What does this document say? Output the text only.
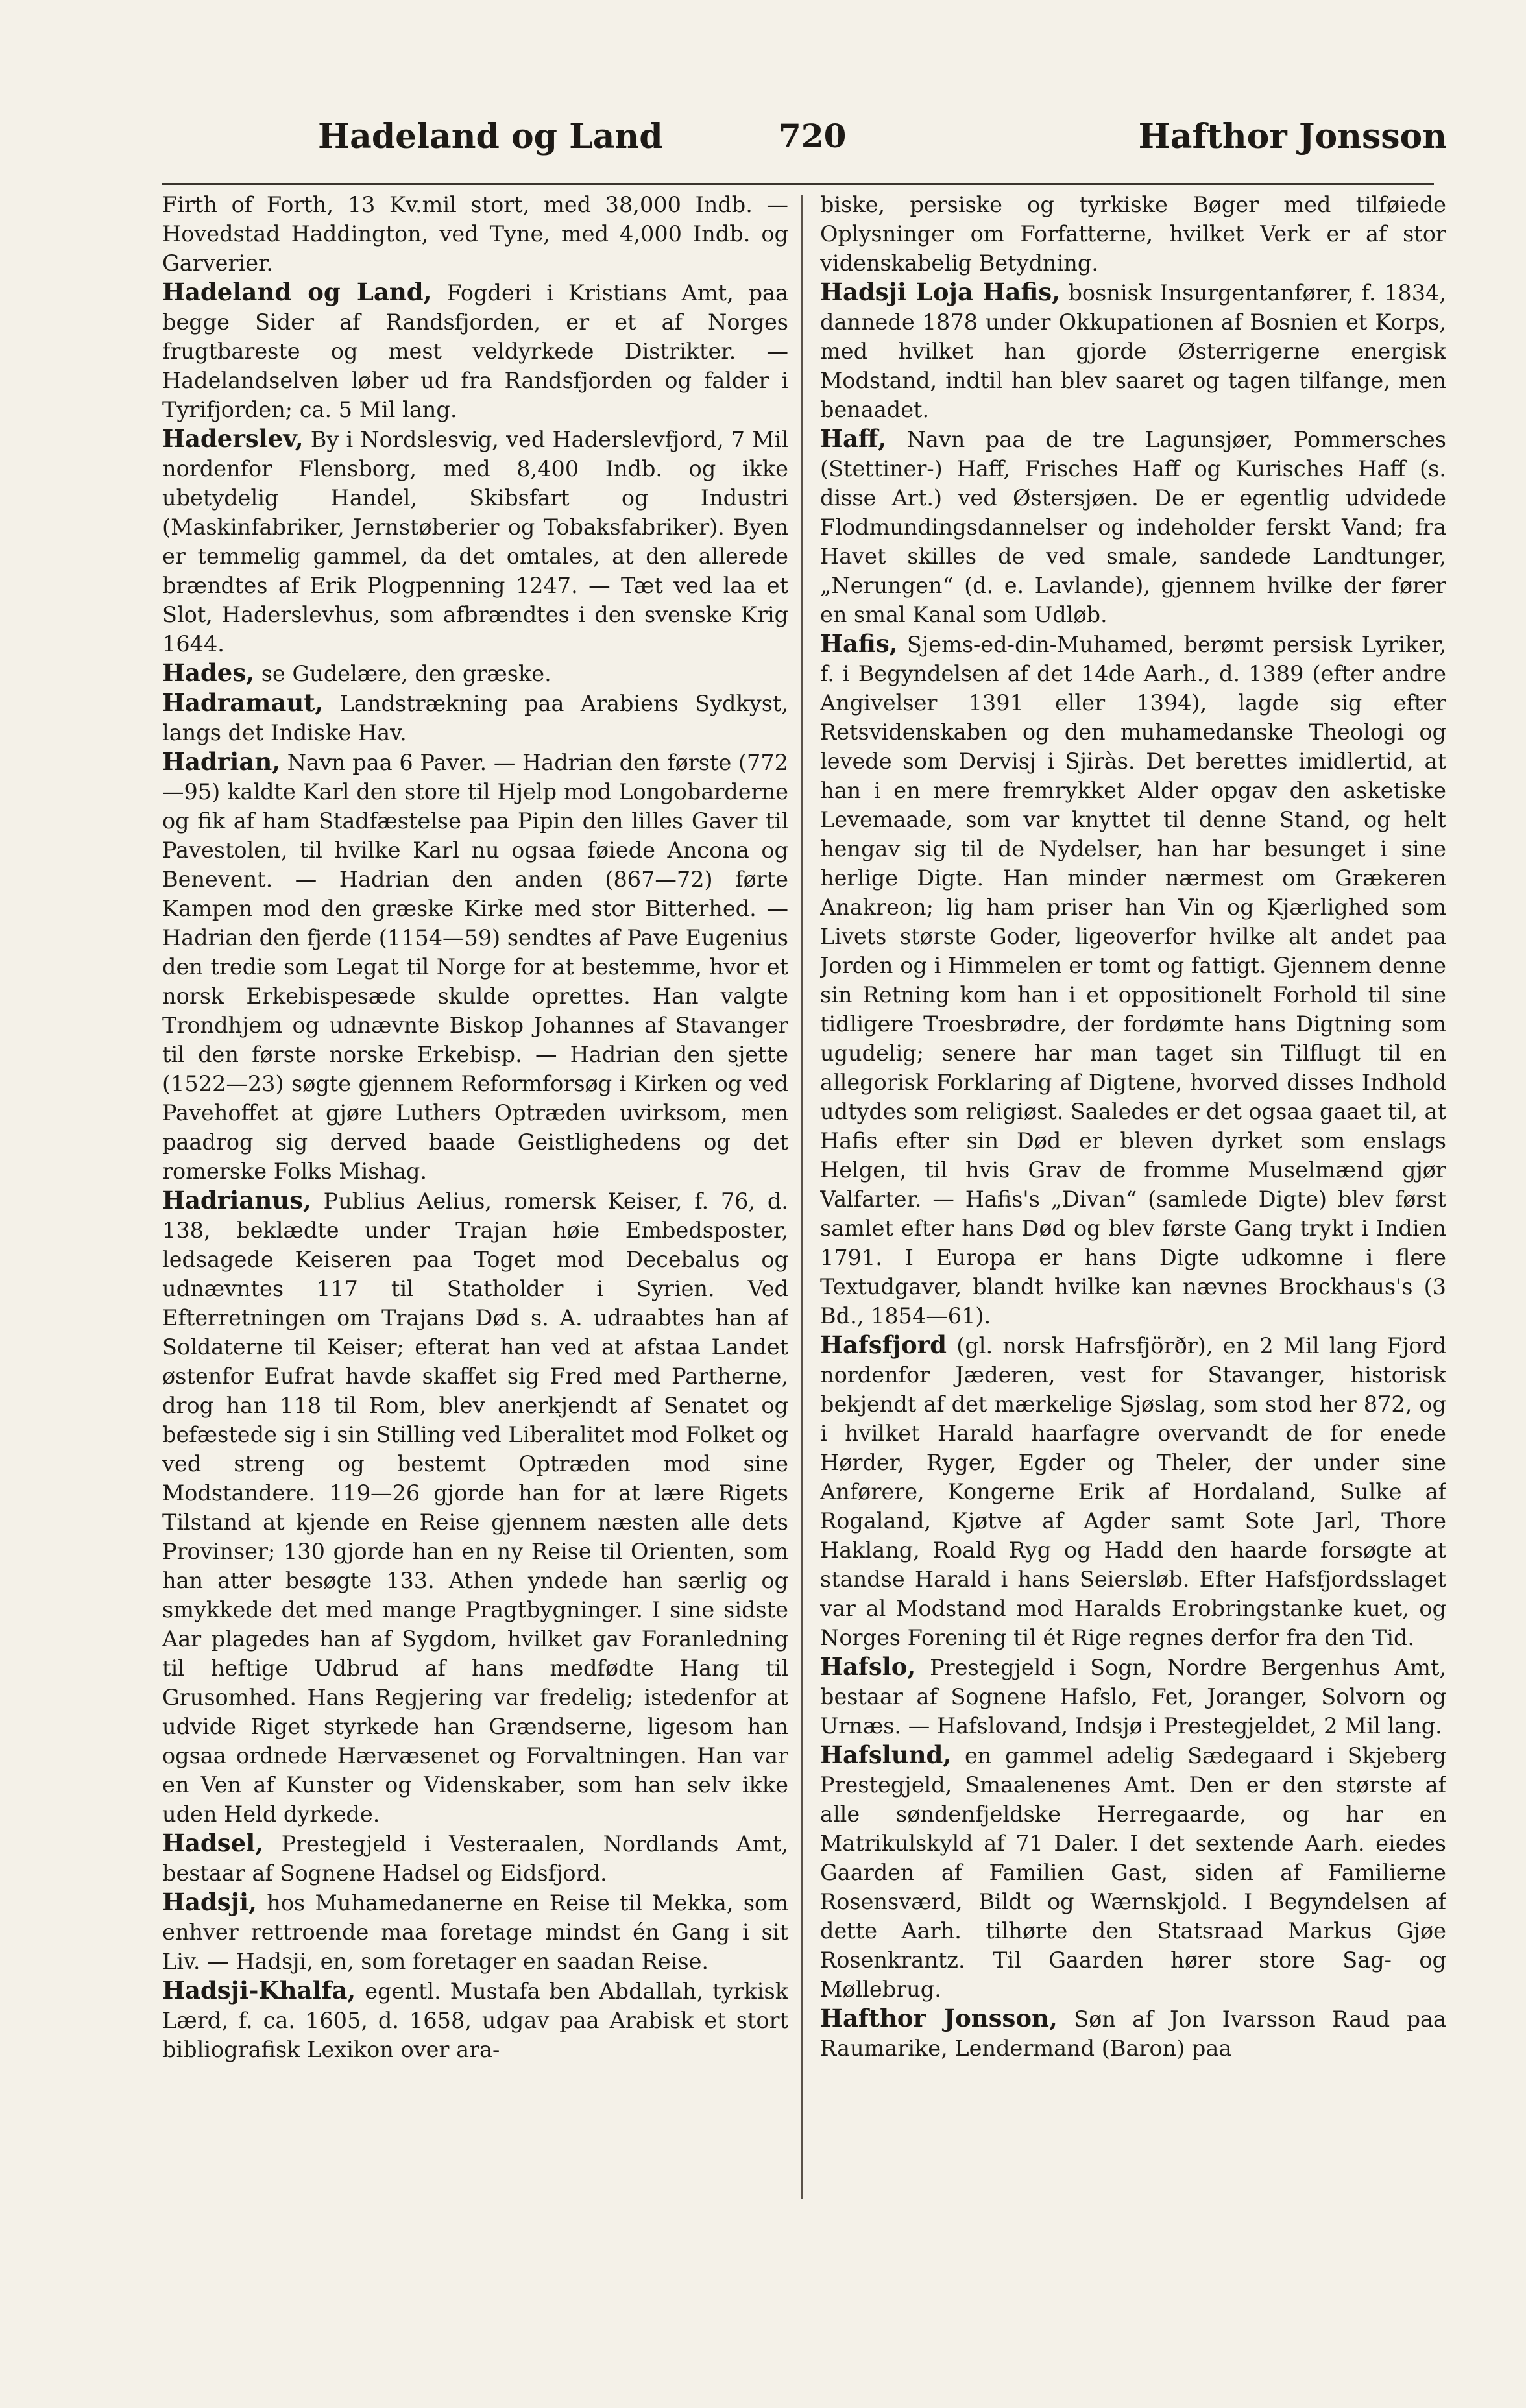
Hadeland og Land	720	Hafthor Jonsson

Firth of Forth, 13 Kv.mil stort, med 38,000 Indb. — Hovedstad Haddington, ved Tyne, med 4,000 Indb. og Garverier.

Hadeland og Land, Fogderi i Kristians Amt, paa begge Sider af Randsfjorden, er et af Norges frugtbareste og mest veldyrkede Distrikter. — Hadelandselven løber ud fra Randsfjorden og falder i Tyrifjorden; ca. 5 Mil lang.

Haderslev, By i Nordslesvig, ved Haderslevfjord, 7 Mil nordenfor Flensborg, med 8,400 Indb. og ikke ubetydelig Handel, Skibsfart og Industri (Maskinfabriker, Jernstøberier og Tobaksfabriker). Byen er temmelig gammel, da det omtales, at den allerede brændtes af Erik Plogpenning 1247. — Tæt ved laa et Slot, Haderslevhus, som afbrændtes i den svenske Krig 1644.

Hades, se Gudelære, den græske.

Hadramaut, Landstrækning paa Arabiens Sydkyst, langs det Indiske Hav.

Hadrian, Navn paa 6 Paver. — Hadrian den første (772—95) kaldte Karl den store til Hjelp mod Longobarderne og fik af ham Stadfæstelse paa Pipin den lilles Gaver til Pavestolen, til hvilke Karl nu ogsaa føiede Ancona og Benevent. — Hadrian den anden (867—72) førte Kampen mod den græske Kirke med stor Bitterhed. — Hadrian den fjerde (1154—59) sendtes af Pave Eugenius den tredie som Legat til Norge for at bestemme, hvor et norsk Erkebispesæde skulde oprettes. Han valgte Trondhjem og udnævnte Biskop Johannes af Stavanger til den første norske Erkebisp. — Hadrian den sjette (1522—23) søgte gjennem Reformforsøg i Kirken og ved Pavehoffet at gjøre Luthers Optræden uvirksom, men paadrog sig derved baade Geistlighedens og det romerske Folks Mishag.

Hadrianus, Publius Aelius, romersk Keiser, f. 76, d. 138, beklædte under Trajan høie Embedsposter, ledsagede Keiseren paa Toget mod Decebalus og udnævntes 117 til Statholder i Syrien. Ved Efterretningen om Trajans Død s. A. udraabtes han af Soldaterne til Keiser; efterat han ved at afstaa Landet østenfor Eufrat havde skaffet sig Fred med Partherne, drog han 118 til Rom, blev anerkjendt af Senatet og befæstede sig i sin Stilling ved Liberalitet mod Folket og ved streng og bestemt Optræden mod sine Modstandere. 119—26 gjorde han for at lære Rigets Tilstand at kjende en Reise gjennem næsten alle dets Provinser; 130 gjorde han en ny Reise til Orienten, som han atter besøgte 133. Athen yndede han særlig og smykkede det med mange Pragtbygninger. I sine sidste Aar plagedes han af Sygdom, hvilket gav Foranledning til heftige Udbrud af hans medfødte Hang til Grusomhed. Hans Regjering var fredelig; istedenfor at udvide Riget styrkede han Grændserne, ligesom han ogsaa ordnede Hærvæsenet og Forvaltningen. Han var en Ven af Kunster og Videnskaber, som han selv ikke uden Held dyrkede.

Hadsel, Prestegjeld i Vesteraalen, Nordlands Amt, bestaar af Sognene Hadsel og Eidsfjord.

Hadsji, hos Muhamedanerne en Reise til Mekka, som enhver rettroende maa foretage mindst én Gang i sit Liv. — Hadsji, en, som foretager en saadan Reise.

Hadsji-Khalfa, egentl. Mustafa ben Abdallah, tyrkisk Lærd, f. ca. 1605, d. 1658, udgav paa Arabisk et stort bibliografisk Lexikon over ara-

biske, persiske og tyrkiske Bøger med tilføiede Oplysninger om Forfatterne, hvilket Verk er af stor videnskabelig Betydning.

Hadsji Loja Hafis, bosnisk Insurgentanfører, f. 1834, dannede 1878 under Okkupationen af Bosnien et Korps, med hvilket han gjorde Østerrigerne energisk Modstand, indtil han blev saaret og tagen tilfange, men benaadet.

Haff, Navn paa de tre Lagunsjøer, Pommersches (Stettiner-) Haff, Frisches Haff og Kurisches Haff (s. disse Art.) ved Østersjøen. De er egentlig udvidede Flodmundingsdannelser og indeholder ferskt Vand; fra Havet skilles de ved smale, sandede Landtunger, „Nerungen“ (d. e. Lavlande), gjennem hvilke der fører en smal Kanal som Udløb.

Hafis, Sjems-ed-din-Muhamed, berømt persisk Lyriker, f. i Begyndelsen af det 14de Aarh., d. 1389 (efter andre Angivelser 1391 eller 1394), lagde sig efter Retsvidenskaben og den muhamedanske Theologi og levede som Dervisj i Sjiràs. Det berettes imidlertid, at han i en mere fremrykket Alder opgav den asketiske Levemaade, som var knyttet til denne Stand, og helt hengav sig til de Nydelser, han har besunget i sine herlige Digte. Han minder nærmest om Grækeren Anakreon; lig ham priser han Vin og Kjærlighed som Livets største Goder, ligeoverfor hvilke alt andet paa Jorden og i Himmelen er tomt og fattigt. Gjennem denne sin Retning kom han i et oppositionelt Forhold til sine tidligere Troesbrødre, der fordømte hans Digtning som ugudelig; senere har man taget sin Tilflugt til en allegorisk Forklaring af Digtene, hvorved disses Indhold udtydes som religiøst. Saaledes er det ogsaa gaaet til, at Hafis efter sin Død er bleven dyrket som enslags Helgen, til hvis Grav de fromme Muselmænd gjør Valfarter. — Hafis's „Divan“ (samlede Digte) blev først samlet efter hans Død og blev første Gang trykt i Indien 1791. I Europa er hans Digte udkomne i flere Textudgaver, blandt hvilke kan nævnes Brockhaus's (3 Bd., 1854—61).

Hafsfjord (gl. norsk Hafrsfjörðr), en 2 Mil lang Fjord nordenfor Jæderen, vest for Stavanger, historisk bekjendt af det mærkelige Sjøslag, som stod her 872, og i hvilket Harald haarfagre overvandt de for enede Hørder, Ryger, Egder og Theler, der under sine Anførere, Kongerne Erik af Hordaland, Sulke af Rogaland, Kjøtve af Agder samt Sote Jarl, Thore Haklang, Roald Ryg og Hadd den haarde forsøgte at standse Harald i hans Seiersløb. Efter Hafsfjordsslaget var al Modstand mod Haralds Erobringstanke kuet, og Norges Forening til ét Rige regnes derfor fra den Tid.

Hafslo, Prestegjeld i Sogn, Nordre Bergenhus Amt, bestaar af Sognene Hafslo, Fet, Joranger, Solvorn og Urnæs. — Hafslovand, Indsjø i Prestegjeldet, 2 Mil lang.

Hafslund, en gammel adelig Sædegaard i Skjeberg Prestegjeld, Smaalenenes Amt. Den er den største af alle søndenfjeldske Herregaarde, og har en Matrikulskyld af 71 Daler. I det sextende Aarh. eiedes Gaarden af Familien Gast, siden af Familierne Rosensværd, Bildt og Wærnskjold. I Begyndelsen af dette Aarh. tilhørte den Statsraad Markus Gjøe Rosenkrantz. Til Gaarden hører store Sag- og Møllebrug.

Hafthor Jonsson, Søn af Jon Ivarsson Raud paa Raumarike, Lendermand (Baron) paa
